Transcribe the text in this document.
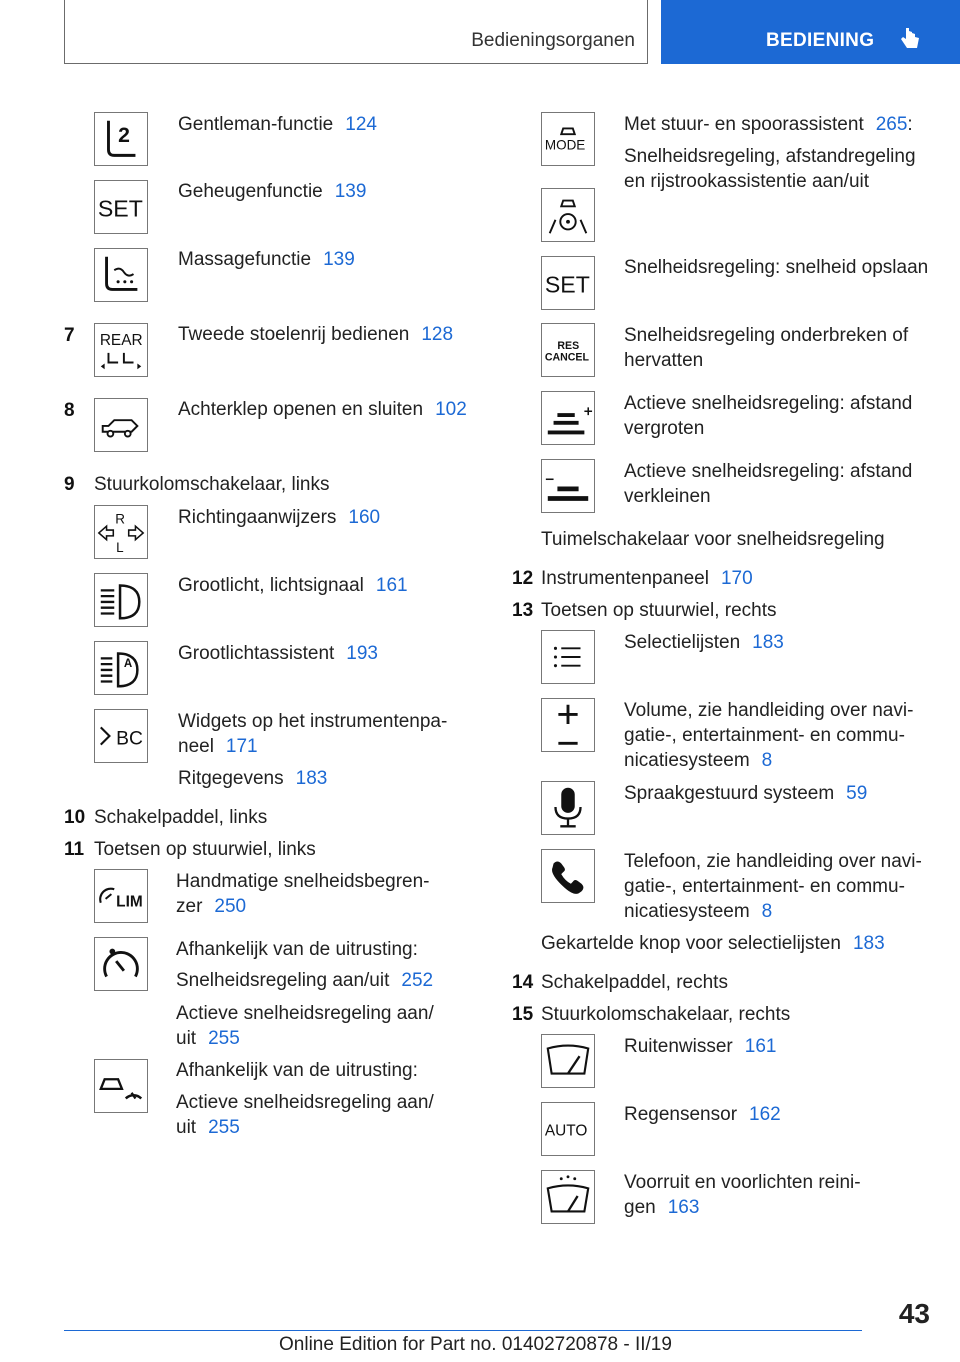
Bedieningsorganen	BEDIENING
2	Gentleman-functie 124
SET
Geheugenfunctie 139
Massagefunctie 139
7 REAR Tweede stoelenrij bedienen 128
8	Achterklep openen en sluiten 102
9 Stuurkolomschakelaar, links
R
L
Richtingaanwijzers 160
Grootlicht, lichtsignaal 161
A
Grootlichtassistent 193
BC
Widgets op het instrumentenpa-
neel 171
Ritgegevens 183
10 Schakelpaddel, links
11 Toetsen op stuurwiel, links
LIM
Handmatige snelheidsbegren-
zer 250
Afhankelijk van de uitrusting:
Snelheidsregeling aan/uit 252
Actieve snelheidsregeling aan/
uit 255
Afhankelijk van de uitrusting:
Actieve snelheidsregeling aan/
uit 255
MODE
Met stuur- en spoorassistent 265:
Snelheidsregeling, afstandregeling
en rijstrookassistentie aan/uit
SET
Snelheidsregeling: snelheid opslaan
RES
CANCEL
Snelheidsregeling onderbreken of
hervatten
Actieve snelheidsregeling: afstand
vergroten
Actieve snelheidsregeling: afstand
verkleinen
Tuimelschakelaar voor snelheidsregeling
12 Instrumentenpaneel 170
13 Toetsen op stuurwiel, rechts
Selectielijsten 183
Volume, zie handleiding over navi-
gatie-, entertainment- en commu-
nicatiesysteem 8
Spraakgestuurd systeem 59
Telefoon, zie handleiding over navi-
gatie-, entertainment- en commu-
nicatiesysteem 8
Gekartelde knop voor selectielijsten 183
14 Schakelpaddel, rechts
15 Stuurkolomschakelaar, rechts
Ruitenwisser 161
AUTO
Regensensor 162
Voorruit en voorlichten reini-
gen 163
43
Online Edition for Part no. 01402720878 - II/19
